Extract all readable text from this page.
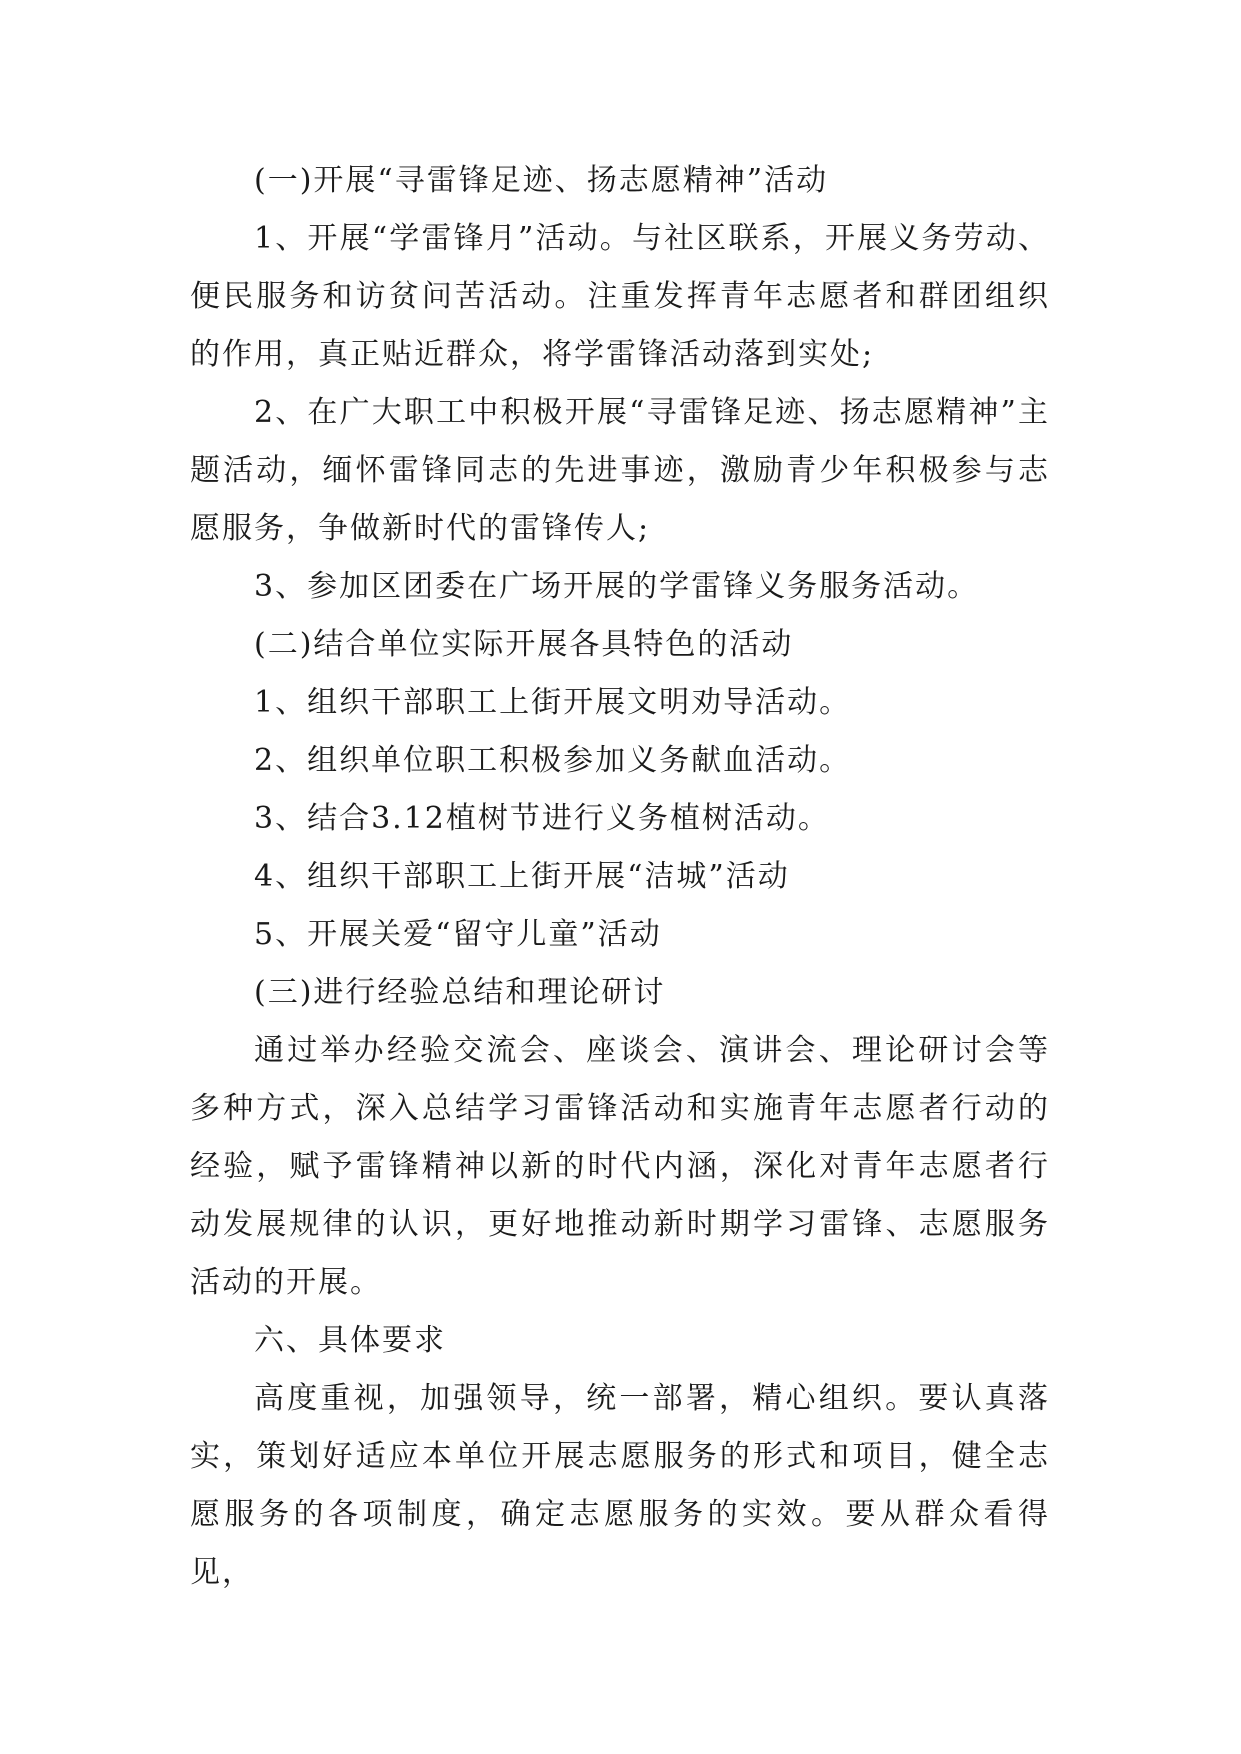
(一)开展“寻雷锋足迹、扬志愿精神”活动

1、开展“学雷锋月”活动。与社区联系，开展义务劳动、便民服务和访贫问苦活动。注重发挥青年志愿者和群团组织的作用，真正贴近群众，将学雷锋活动落到实处;

2、在广大职工中积极开展“寻雷锋足迹、扬志愿精神”主题活动，缅怀雷锋同志的先进事迹，激励青少年积极参与志愿服务，争做新时代的雷锋传人;

3、参加区团委在广场开展的学雷锋义务服务活动。

(二)结合单位实际开展各具特色的活动

1、组织干部职工上街开展文明劝导活动。

2、组织单位职工积极参加义务献血活动。

3、结合3.12植树节进行义务植树活动。

4、组织干部职工上街开展“洁城”活动

5、开展关爱“留守儿童”活动

(三)进行经验总结和理论研讨

通过举办经验交流会、座谈会、演讲会、理论研讨会等多种方式，深入总结学习雷锋活动和实施青年志愿者行动的经验，赋予雷锋精神以新的时代内涵，深化对青年志愿者行动发展规律的认识，更好地推动新时期学习雷锋、志愿服务活动的开展。

六、具体要求

高度重视，加强领导，统一部署，精心组织。要认真落实，策划好适应本单位开展志愿服务的形式和项目，健全志愿服务的各项制度，确定志愿服务的实效。要从群众看得见，
